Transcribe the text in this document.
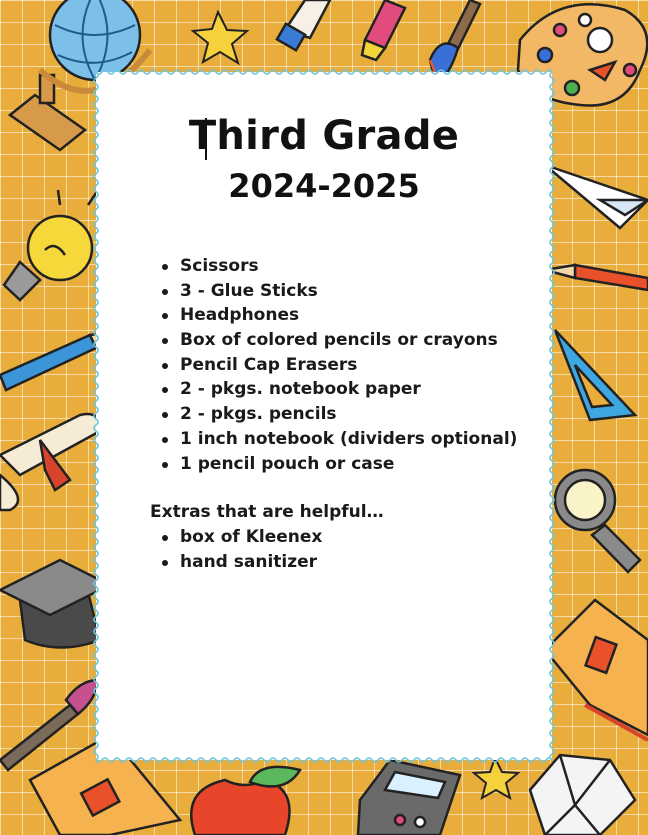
Third Grade
2024-2025
Scissors
3 - Glue Sticks
Headphones
Box of colored pencils or crayons
Pencil Cap Erasers
2 - pkgs. notebook paper
2 - pkgs. pencils
1 inch notebook (dividers optional)
1 pencil pouch or case
Extras that are helpful…
box of Kleenex
hand sanitizer
